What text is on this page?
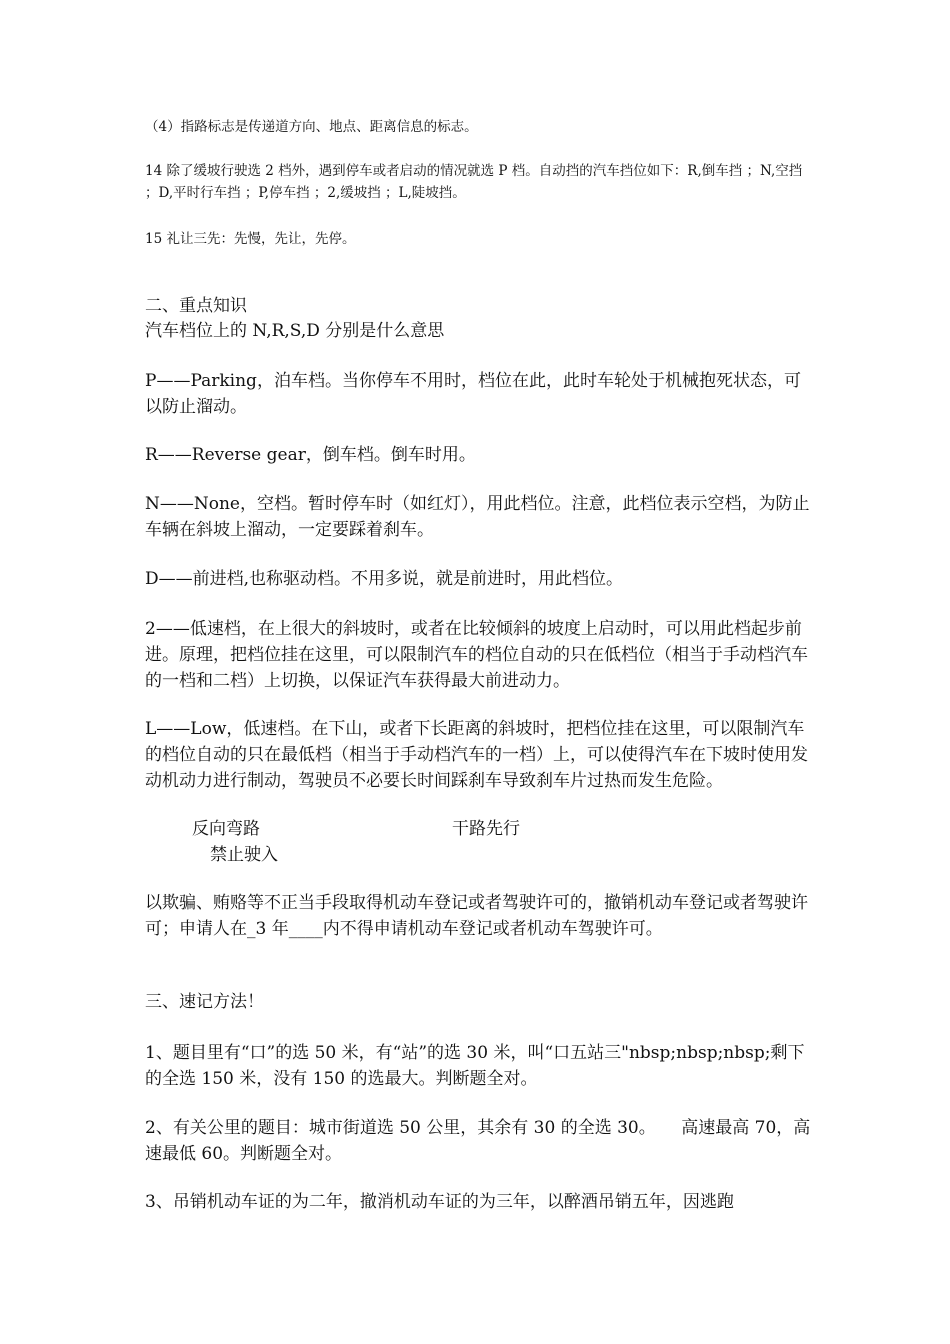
（4）指路标志是传递道方向、地点、距离信息的标志。

14 除了缓坡行驶选 2 档外，遇到停车或者启动的情况就选 P 档。自动挡的汽车挡位如下：R,倒车挡 ；N,空挡 ；D,平时行车挡 ；P,停车挡 ；2,缓坡挡 ；L,陡坡挡。

15 礼让三先：先慢，先让，先停。

二、重点知识

汽车档位上的 N,R,S,D 分别是什么意思

P——Parking，泊车档。当你停车不用时，档位在此，此时车轮处于机械抱死状态，可以防止溜动。

R——Reverse gear，倒车档。倒车时用。

N——None，空档。暂时停车时（如红灯），用此档位。注意，此档位表示空档，为防止车辆在斜坡上溜动，一定要踩着刹车。

D——前进档,也称驱动档。不用多说，就是前进时，用此档位。

2——低速档，在上很大的斜坡时，或者在比较倾斜的坡度上启动时，可以用此档起步前进。原理，把档位挂在这里，可以限制汽车的档位自动的只在低档位（相当于手动档汽车的一档和二档）上切换，以保证汽车获得最大前进动力。

L——Low，低速档。在下山，或者下长距离的斜坡时，把档位挂在这里，可以限制汽车的档位自动的只在最低档（相当于手动档汽车的一档）上，可以使得汽车在下坡时使用发动机动力进行制动，驾驶员不必要长时间踩刹车导致刹车片过热而发生危险。

反向弯路	干路先行
禁止驶入

以欺骗、贿赂等不正当手段取得机动车登记或者驾驶许可的，撤销机动车登记或者驾驶许可；申请人在_3 年____内不得申请机动车登记或者机动车驾驶许可。

三、速记方法！

1、题目里有“口”的选 50 米，有“站”的选 30 米，叫“口五站三"nbsp;nbsp;nbsp;剩下的全选 150 米，没有 150 的选最大。判断题全对。

2、有关公里的题目：城市街道选 50 公里，其余有 30 的全选 30。　　高速最高 70，高速最低 60。判断题全对。

3、吊销机动车证的为二年，撤消机动车证的为三年，以醉酒吊销五年，因逃跑
